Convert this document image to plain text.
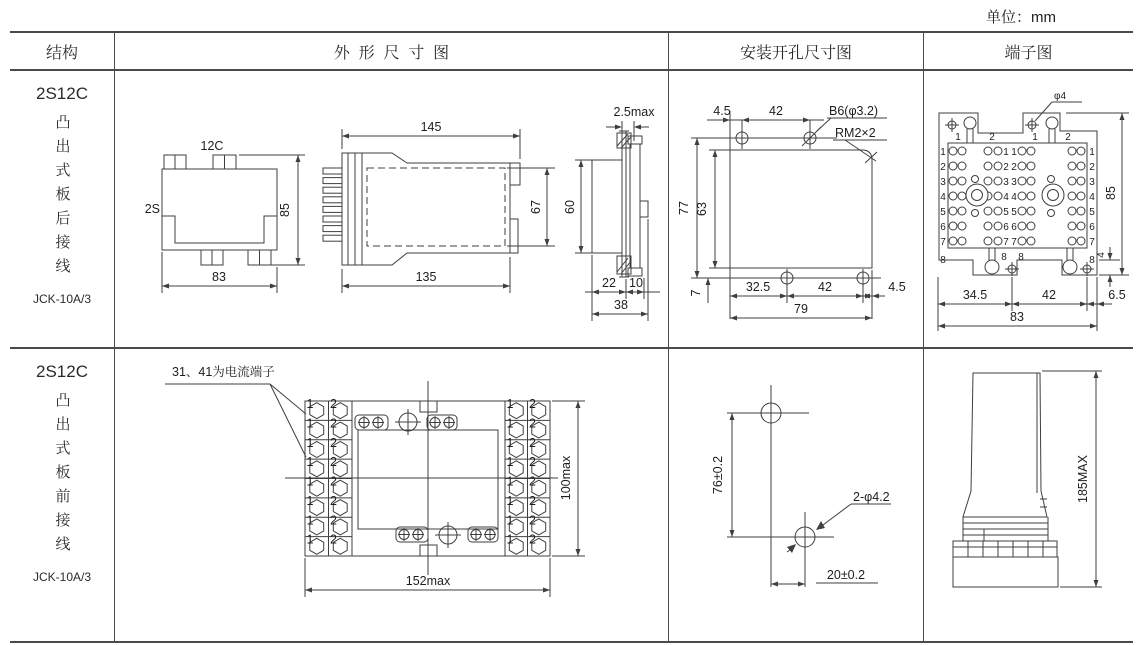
单位：mm
结构	外形尺寸图	安装开孔尺寸图	端子图
2S12C
凸出式板后接线
JCK-10A/3
12C
2S	85
83
145
135
67
2.5max
60
22 10
38
B6(φ3.2)
RM2×2
4.5	42
77 63
7	32.5	42	4.5
79
φ4
1	2	1	2
1 1
1	1
2 2
2	2
3 3
3	3
4 4
4	4
5 5
5	5
6 6
6	6
7 7
7	7
8	8 8	8
85
4
34.5	42	6.5
83
2S12C
凸出式板前接线
JCK-10A/3
31、41为电流端子
1
1
1
1
1
1
1
1
2
2
2
2
2
2
2
2
1
1
1
1
1
1
1
1
2
2
2
2
2
2
2
2
100max
152max
76±0.2
2-φ4.2
20±0.2
185MAX
